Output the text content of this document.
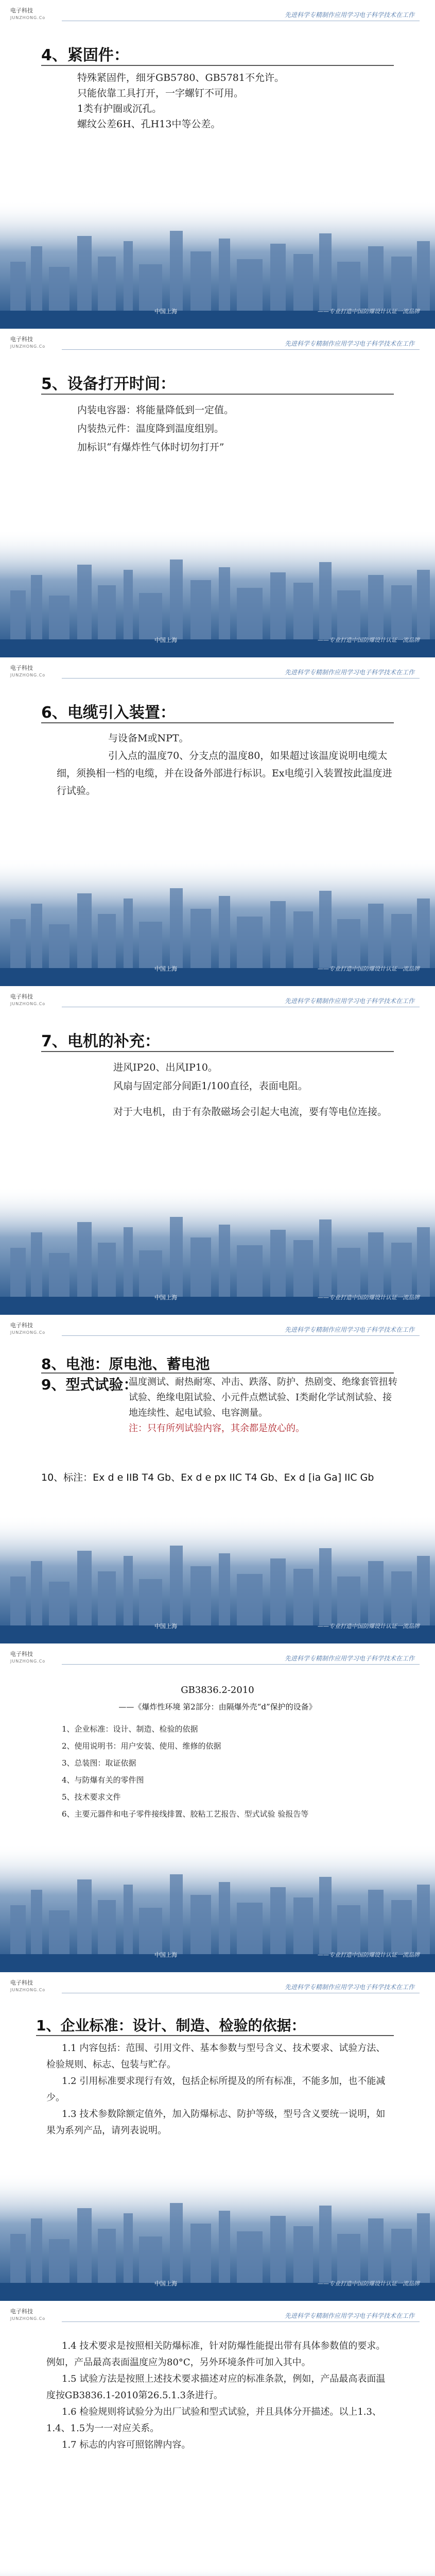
电子科技
JUNZHONG.Co	先进科学专精制作应用学习电子科学技术在工作
4、紧固件：

特殊紧固件，细牙GB5780、GB5781不允许。

只能依靠工具打开，一字螺钉不可用。

1类有护圈或沉孔。

螺纹公差6H、孔H13中等公差。

中国上海	——专业打造中国防爆设计认证一流品牌
电子科技
JUNZHONG.Co	先进科学专精制作应用学习电子科学技术在工作
5、设备打开时间：

内装电容器：将能量降低到一定值。

内装热元件：温度降到温度组别。

加标识“有爆炸性气体时切勿打开”

中国上海	——专业打造中国防爆设计认证一流品牌
电子科技
JUNZHONG.Co	先进科学专精制作应用学习电子科学技术在工作
6、电缆引入装置：

与设备M或NPT。

引入点的温度70、分支点的温度80，如果超过该温度说明电缆太细，须换相一档的电缆，并在设备外部进行标识。Ex电缆引入装置按此温度进行试验。

中国上海	——专业打造中国防爆设计认证一流品牌
电子科技
JUNZHONG.Co	先进科学专精制作应用学习电子科学技术在工作
7、电机的补充：

进风IP20、出风IP10。

风扇与固定部分间距1/100直径，表面电阻。

对于大电机，由于有杂散磁场会引起大电流，要有等电位连接。

中国上海	——专业打造中国防爆设计认证一流品牌
电子科技
JUNZHONG.Co	先进科学专精制作应用学习电子科学技术在工作
8、电池：原电池、蓄电池
9、型式试验：

温度测试、耐热耐寒、冲击、跌落、防护、热剧变、绝缘套管扭转试验、绝缘电阻试验、小元件点燃试验、I类耐化学试剂试验、接地连续性、起电试验、电容测量。

注：只有所列试验内容，其余都是放心的。

10、标注：Ex d e IIB T4 Gb、Ex d e px IIC T4 Gb、Ex d [ia Ga] IIC Gb
中国上海	——专业打造中国防爆设计认证一流品牌
电子科技
JUNZHONG.Co	先进科学专精制作应用学习电子科学技术在工作
GB3836.2-2010
——《爆炸性环境 第2部分：由隔爆外壳“d”保护的设备》

1、企业标准：设计、制造、检验的依据

2、使用说明书：用户安装、使用、维修的依据

3、总装图：取证依据

4、与防爆有关的零件图

5、技术要求文件

6、主要元器件和电子零件接线排置、胶粘工艺报告、型式试验 验报告等

中国上海	——专业打造中国防爆设计认证一流品牌
电子科技
JUNZHONG.Co	先进科学专精制作应用学习电子科学技术在工作
1、企业标准：设计、制造、检验的依据：

1.1 内容包括：范围、引用文件、基本参数与型号含义、技术要求、试验方法、检验规则、标志、包装与贮存。

1.2 引用标准要求现行有效，包括企标所提及的所有标准，不能多加，也不能减少。

1.3 技术参数除额定值外，加入防爆标志、防护等级，型号含义要统一说明，如果为系列产品，请列表说明。

中国上海	——专业打造中国防爆设计认证一流品牌
电子科技
JUNZHONG.Co	先进科学专精制作应用学习电子科学技术在工作

1.4 技术要求是按照相关防爆标准，针对防爆性能提出带有具体参数值的要求。例如，产品最高表面温度应为80°C，另外环境条件可加入其中。

1.5 试验方法是按照上述技术要求描述对应的标准条款，例如，产品最高表面温度按GB3836.1-2010第26.5.1.3条进行。

1.6 检验规则将试验分为出厂试验和型式试验，并且具体分开描述。以上1.3、1.4、1.5为一一对应关系。

1.7 标志的内容可照铭牌内容。
